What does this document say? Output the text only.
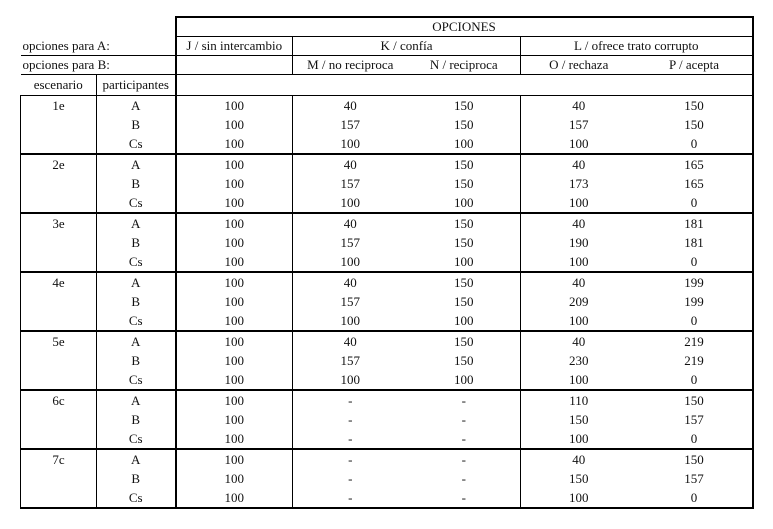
		OPCIONES				
opciones para A:		J / sin intercambio	K / confía		L / ofrece trato corrupto	
opciones para B:			M / no reciproca	N / reciproca	O / rechaza	P / acepta
escenario	participantes					
1e	A	100	40	150	40	150
	B	100	157	150	157	150
	Cs	100	100	100	100	0
2e	A	100	40	150	40	165
	B	100	157	150	173	165
	Cs	100	100	100	100	0
3e	A	100	40	150	40	181
	B	100	157	150	190	181
	Cs	100	100	100	100	0
4e	A	100	40	150	40	199
	B	100	157	150	209	199
	Cs	100	100	100	100	0
5e	A	100	40	150	40	219
	B	100	157	150	230	219
	Cs	100	100	100	100	0
6c	A	100	-	-	110	150
	B	100	-	-	150	157
	Cs	100	-	-	100	0
7c	A	100	-	-	40	150
	B	100	-	-	150	157
	Cs	100	-	-	100	0
